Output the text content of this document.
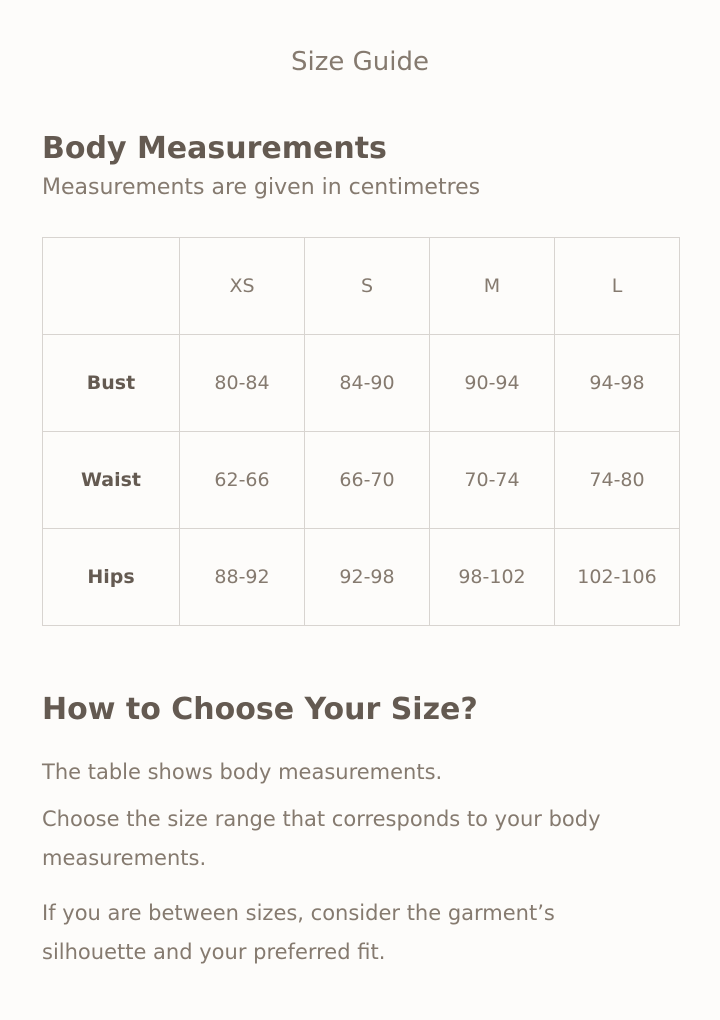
Size Guide
Body Measurements
Measurements are given in centimetres
	XS	S	M	L
Bust	80-84	84-90	90-94	94-98
Waist	62-66	66-70	70-74	74-80
Hips	88-92	92-98	98-102	102-106
How to Choose Your Size?
The table shows body measurements.
Choose the size range that corresponds to your body measurements.
If you are between sizes, consider the garment’s silhouette and your preferred fit.
